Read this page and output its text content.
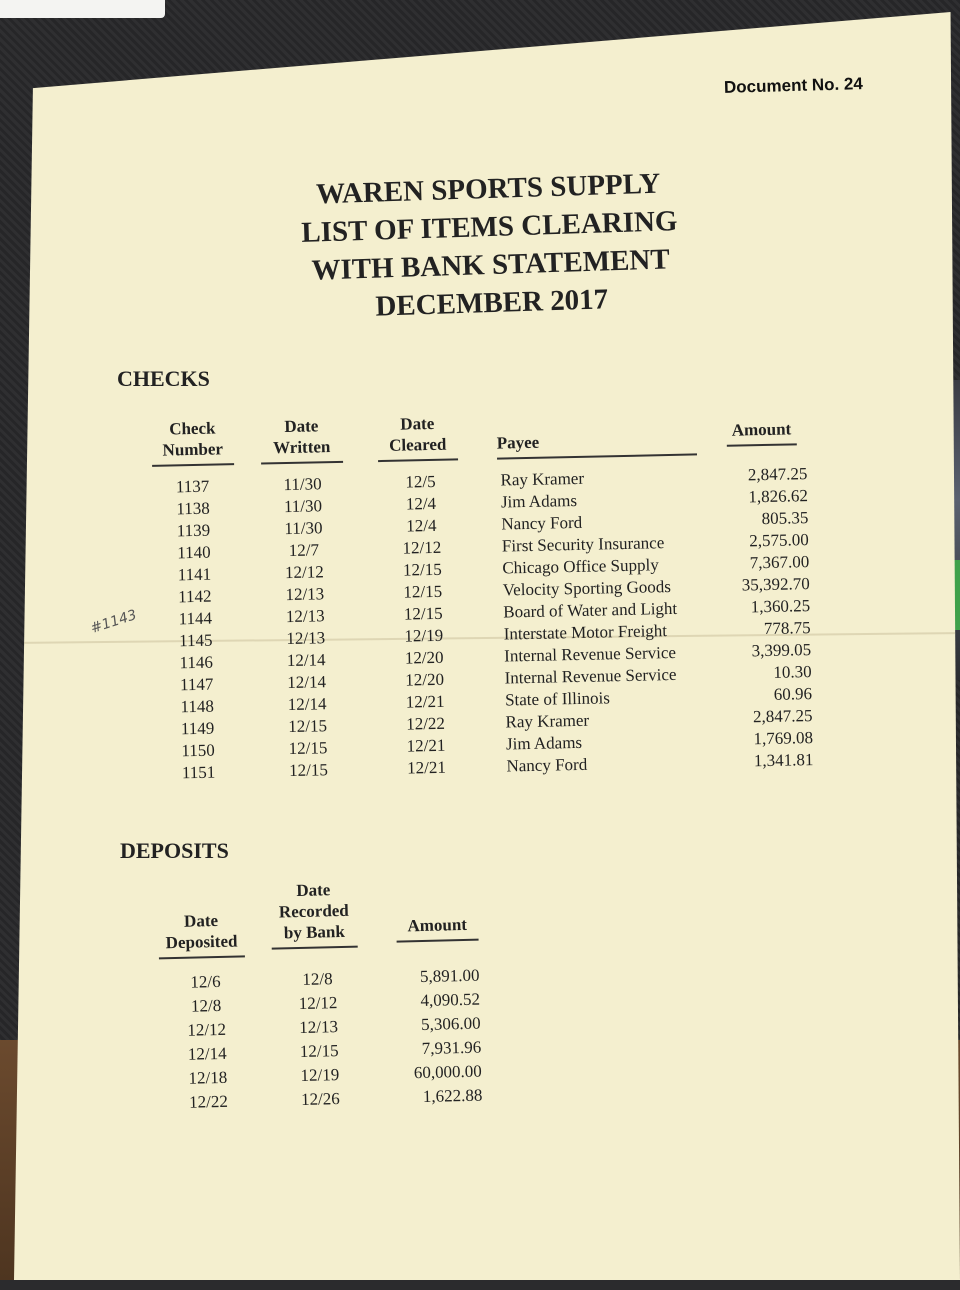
Document No. 24
WAREN SPORTS SUPPLY
LIST OF ITEMS CLEARING
WITH BANK STATEMENT
DECEMBER 2017
CHECKS
Check
Number
Date
Written
Date
Cleared	Payee
Amount
1137
1138
1139
1140
1141
1142
1144
1145
1146
1147
1148
1149
1150
1151
11/30
11/30
11/30
12/7
12/12
12/13
12/13
12/13
12/14
12/14
12/14
12/15
12/15
12/15
12/5
12/4
12/4
12/12
12/15
12/15
12/15
12/19
12/20
12/20
12/21
12/22
12/21
12/21
Ray Kramer
Jim Adams
Nancy Ford
First Security Insurance
Chicago Office Supply
Velocity Sporting Goods
Board of Water and Light
Interstate Motor Freight
Internal Revenue Service
Internal Revenue Service
State of Illinois
Ray Kramer
Jim Adams
Nancy Ford
2,847.25
1,826.62
805.35
2,575.00
7,367.00
35,392.70
1,360.25
778.75
3,399.05
10.30
60.96
2,847.25
1,769.08
1,341.81
#1143
DEPOSITS
Date
Deposited
Date
Recorded
by Bank	Amount
12/6
12/8
12/12
12/14
12/18
12/22
12/8
12/12
12/13
12/15
12/19
12/26
5,891.00
4,090.52
5,306.00
7,931.96
60,000.00
1,622.88
